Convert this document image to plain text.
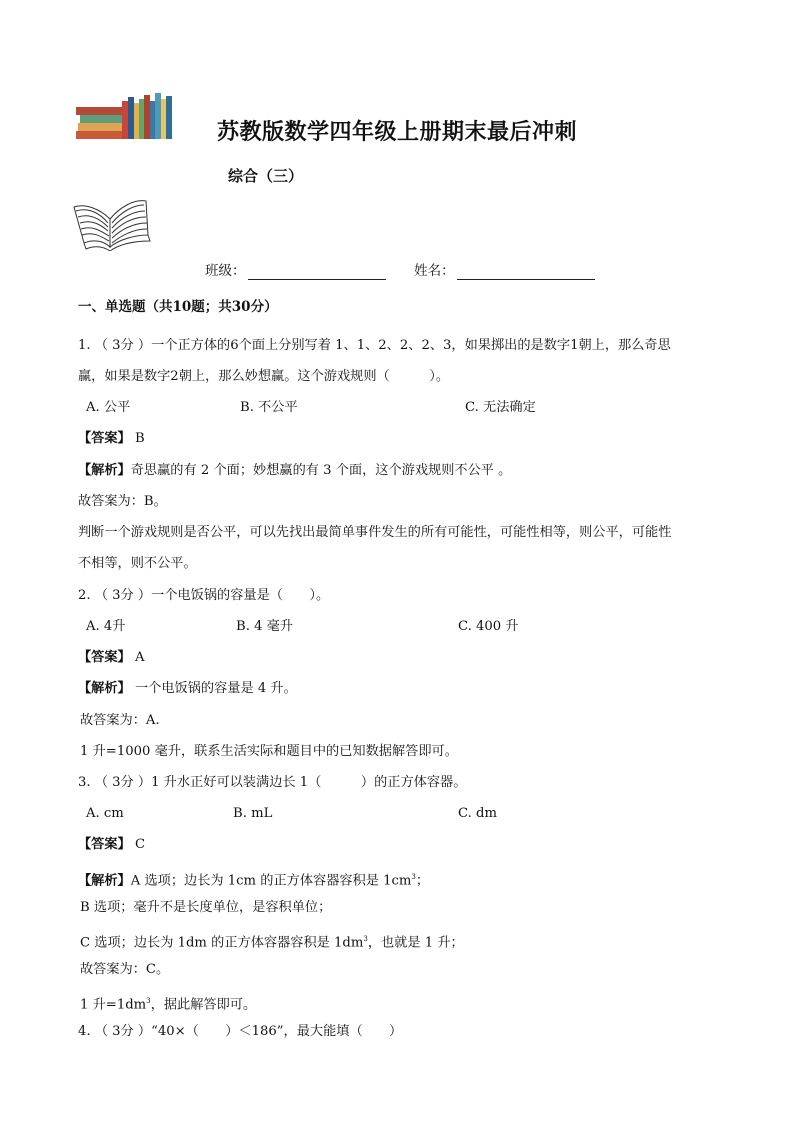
苏教版数学四年级上册期末最后冲刺
综合（三）
班级：	姓名：
一、单选题（共10题；共30分）
1. （ 3分 ）一个正方体的6个面上分别写着 1、1、2、2、2、3，如果掷出的是数字1朝上，那么奇思
赢，如果是数字2朝上，那么妙想赢。这个游戏规则（　　　）。
A. 公平	B. 不公平	C. 无法确定
【答案】 B
【解析】奇思赢的有 2 个面；妙想赢的有 3 个面，这个游戏规则不公平 。
故答案为：B。
判断一个游戏规则是否公平，可以先找出最简单事件发生的所有可能性，可能性相等，则公平，可能性
不相等，则不公平。
2. （ 3分 ）一个电饭锅的容量是（　　）。
A. 4升	B. 4 毫升	C. 400 升
【答案】 A
【解析】 一个电饭锅的容量是 4 升。
故答案为：A.
1 升=1000 毫升，联系生活实际和题目中的已知数据解答即可。
3. （ 3分 ）1 升水正好可以装满边长 1（　　　）的正方体容器。
A. cm	B. mL	C. dm
【答案】 C
【解析】A 选项；边长为 1cm 的正方体容器容积是 $1cm^3$；
B 选项；毫升不是长度单位，是容积单位；
C 选项；边长为 1dm 的正方体容器容积是 $1dm^3$，也就是 1 升；
故答案为：C。
1 升$=1dm^3$，据此解答即可。
4. （ 3分 ）“40×（　　）＜186”，最大能填（　　）
